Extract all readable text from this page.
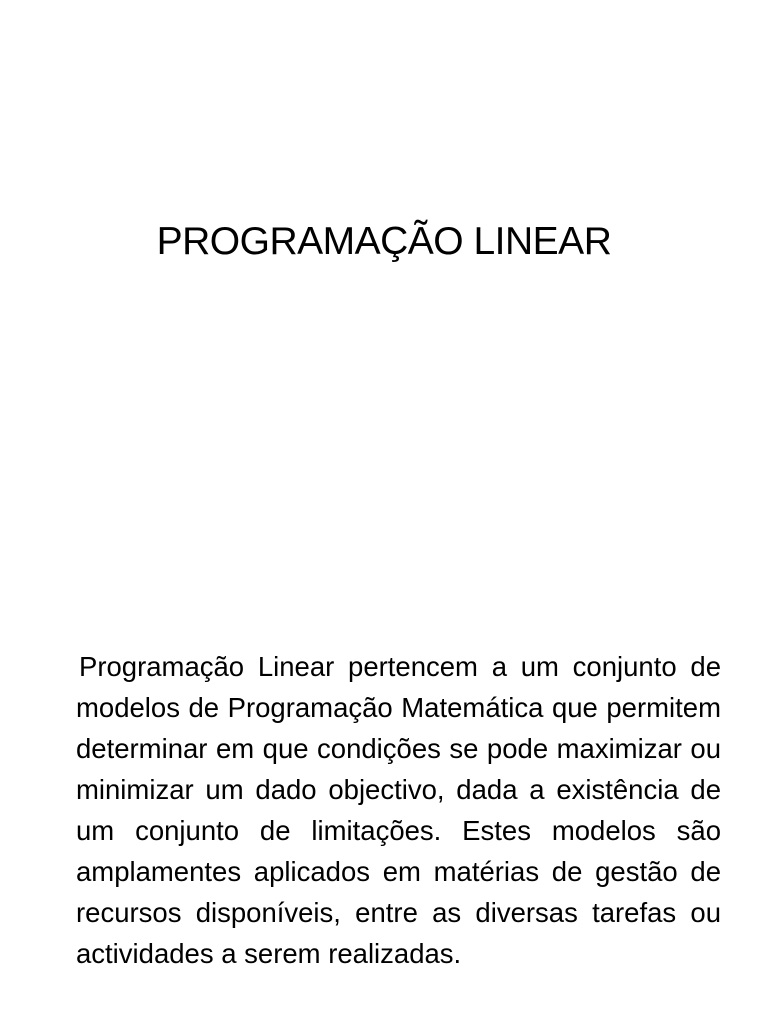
PROGRAMAÇÃO LINEAR

Programação Linear pertencem a um conjunto de modelos de Programação Matemática que permitem determinar em que condições se pode maximizar ou minimizar um dado objectivo, dada a existência de um conjunto de limitações. Estes modelos são amplamentes aplicados em matérias de gestão de recursos disponíveis, entre as diversas tarefas ou actividades a serem realizadas.
